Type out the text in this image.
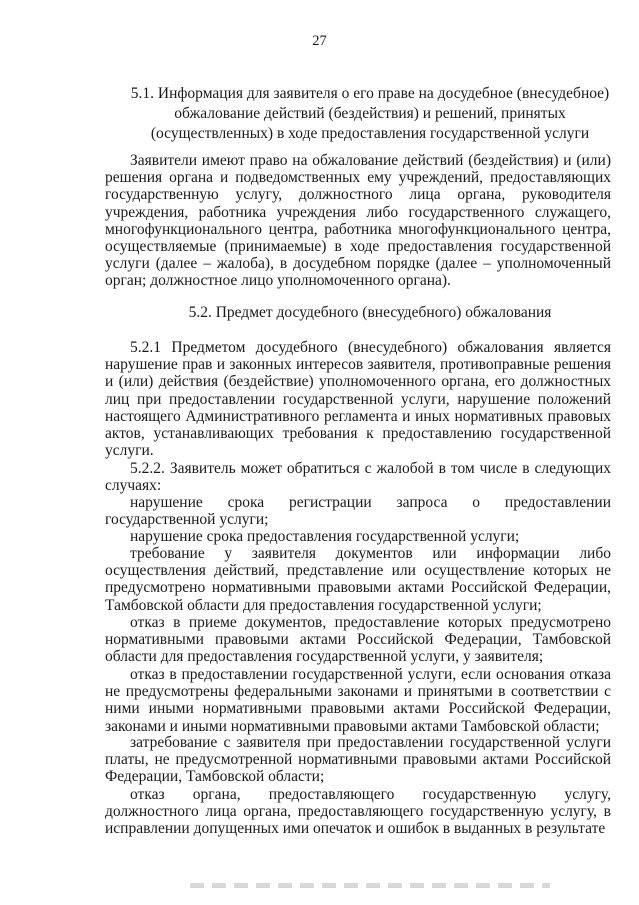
27
5.1. Информация для заявителя о его праве на досудебное (внесудебное)
обжалование действий (бездействия) и решений, принятых
(осуществленных) в ходе предоставления государственной услуги
Заявители имеют право на обжалование действий (бездействия) и (или) решения органа и подведомственных ему учреждений, предоставляющих государственную услугу, должностного лица органа, руководителя учреждения, работника учреждения либо государственного служащего, многофункционального центра, работника многофункционального центра, осуществляемые (принимаемые) в ходе предоставления государственной услуги (далее – жалоба), в досудебном порядке (далее – уполномоченный орган; должностное лицо уполномоченного органа).
5.2. Предмет досудебного (внесудебного) обжалования
5.2.1 Предметом досудебного (внесудебного) обжалования является нарушение прав и законных интересов заявителя, противоправные решения и (или) действия (бездействие) уполномоченного органа, его должностных лиц при предоставлении государственной услуги, нарушение положений настоящего Административного регламента и иных нормативных правовых актов, устанавливающих требования к предоставлению государственной услуги.
5.2.2. Заявитель может обратиться с жалобой в том числе в следующих случаях:
нарушение срока регистрации запроса о предоставлении государственной услуги;
нарушение срока предоставления государственной услуги;
требование у заявителя документов или информации либо осуществления действий, представление или осуществление которых не предусмотрено нормативными правовыми актами Российской Федерации, Тамбовской области для предоставления государственной услуги;
отказ в приеме документов, предоставление которых предусмотрено нормативными правовыми актами Российской Федерации, Тамбовской области для предоставления государственной услуги, у заявителя;
отказ в предоставлении государственной услуги, если основания отказа не предусмотрены федеральными законами и принятыми в соответствии с ними иными нормативными правовыми актами Российской Федерации, законами и иными нормативными правовыми актами Тамбовской области;
затребование с заявителя при предоставлении государственной услуги платы, не предусмотренной нормативными правовыми актами Российской Федерации, Тамбовской области;
отказ органа, предоставляющего государственную услугу, должностного лица органа, предоставляющего государственную услугу, в исправлении допущенных ими опечаток и ошибок в выданных в результате
